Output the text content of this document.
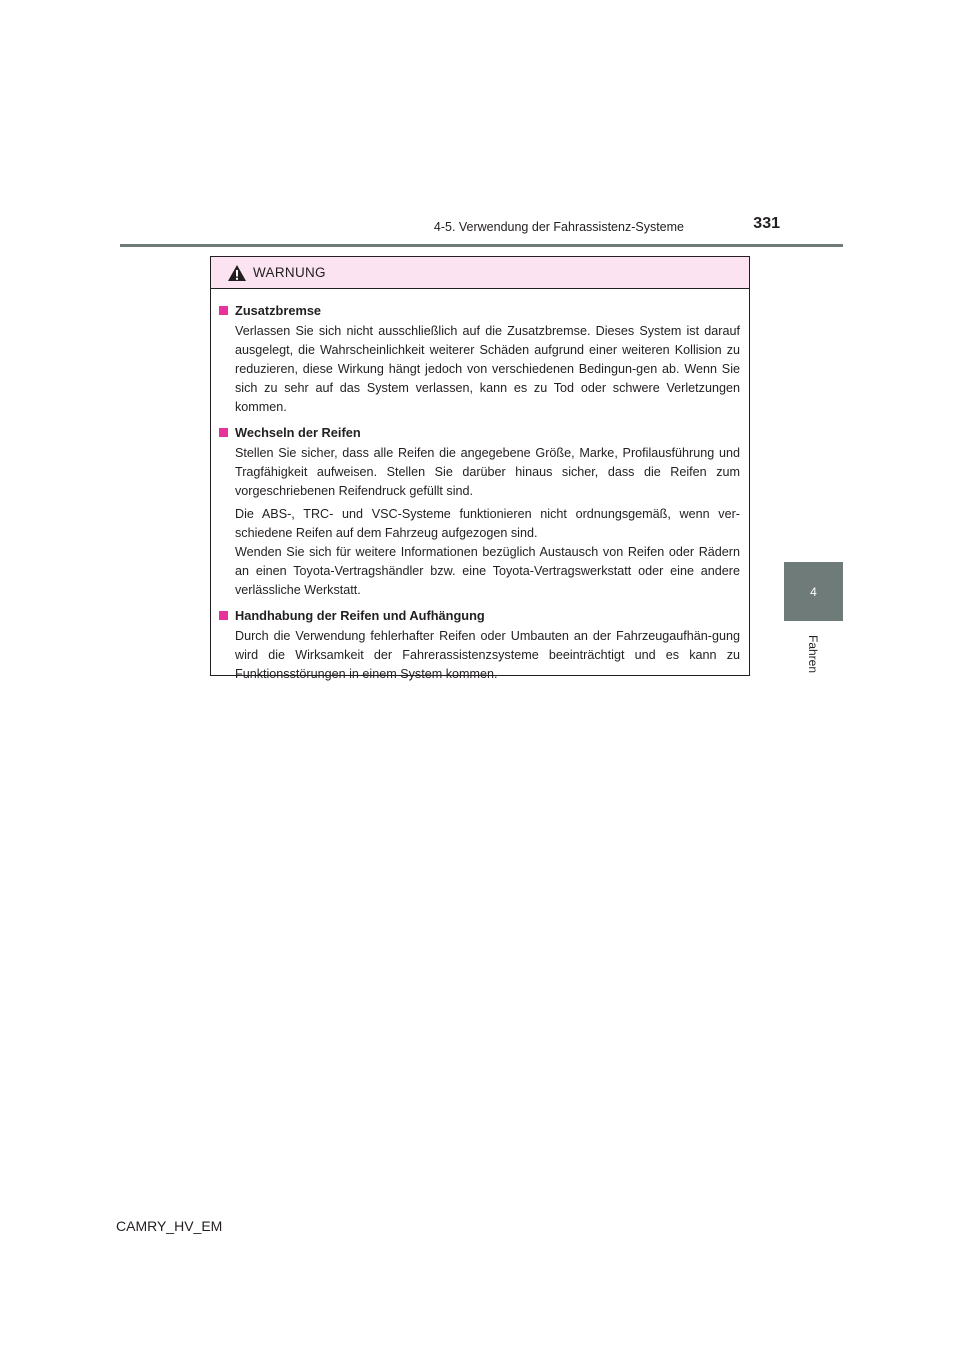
4-5. Verwendung der Fahrassistenz-Systeme	331
4
Fahren
WARNUNG
Zusatzbremse

Verlassen Sie sich nicht ausschließlich auf die Zusatzbremse. Dieses System ist darauf ausgelegt, die Wahrscheinlichkeit weiterer Schäden aufgrund einer weiteren Kollision zu reduzieren, diese Wirkung hängt jedoch von verschiedenen Bedingun-gen ab. Wenn Sie sich zu sehr auf das System verlassen, kann es zu Tod oder schwere Verletzungen kommen.

Wechseln der Reifen

Stellen Sie sicher, dass alle Reifen die angegebene Größe, Marke, Profilausführung und Tragfähigkeit aufweisen. Stellen Sie darüber hinaus sicher, dass die Reifen zum vorgeschriebenen Reifendruck gefüllt sind.

Die ABS-, TRC- und VSC-Systeme funktionieren nicht ordnungsgemäß, wenn ver-schiedene Reifen auf dem Fahrzeug aufgezogen sind.

Wenden Sie sich für weitere Informationen bezüglich Austausch von Reifen oder Rädern an einen Toyota-Vertragshändler bzw. eine Toyota-Vertragswerkstatt oder eine andere verlässliche Werkstatt.

Handhabung der Reifen und Aufhängung

Durch die Verwendung fehlerhafter Reifen oder Umbauten an der Fahrzeugaufhän-gung wird die Wirksamkeit der Fahrerassistenzsysteme beeinträchtigt und es kann zu Funktionsstörungen in einem System kommen.

CAMRY_HV_EM
